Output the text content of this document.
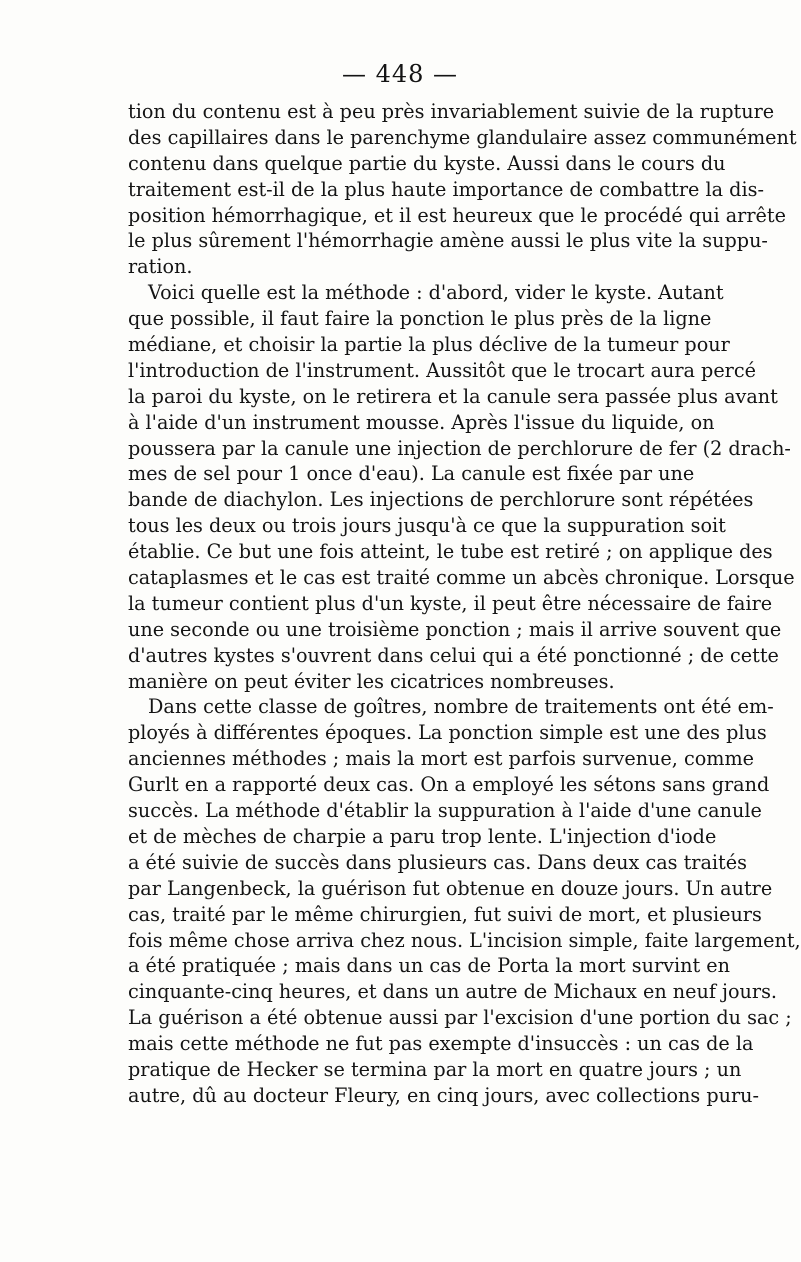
— 448 —
tion du contenu est à peu près invariablement suivie de la rupture
des capillaires dans le parenchyme glandulaire assez communément
contenu dans quelque partie du kyste. Aussi dans le cours du
traitement est-il de la plus haute importance de combattre la dis-
position hémorrhagique, et il est heureux que le procédé qui arrête
le plus sûrement l'hémorrhagie amène aussi le plus vite la suppu-
ration.
Voici quelle est la méthode : d'abord, vider le kyste. Autant
que possible, il faut faire la ponction le plus près de la ligne
médiane, et choisir la partie la plus déclive de la tumeur pour
l'introduction de l'instrument. Aussitôt que le trocart aura percé
la paroi du kyste, on le retirera et la canule sera passée plus avant
à l'aide d'un instrument mousse. Après l'issue du liquide, on
poussera par la canule une injection de perchlorure de fer (2 drach-
mes de sel pour 1 once d'eau). La canule est fixée par une
bande de diachylon. Les injections de perchlorure sont répétées
tous les deux ou trois jours jusqu'à ce que la suppuration soit
établie. Ce but une fois atteint, le tube est retiré ; on applique des
cataplasmes et le cas est traité comme un abcès chronique. Lorsque
la tumeur contient plus d'un kyste, il peut être nécessaire de faire
une seconde ou une troisième ponction ; mais il arrive souvent que
d'autres kystes s'ouvrent dans celui qui a été ponctionné ; de cette
manière on peut éviter les cicatrices nombreuses.
Dans cette classe de goîtres, nombre de traitements ont été em-
ployés à différentes époques. La ponction simple est une des plus
anciennes méthodes ; mais la mort est parfois survenue, comme
Gurlt en a rapporté deux cas. On a employé les sétons sans grand
succès. La méthode d'établir la suppuration à l'aide d'une canule
et de mèches de charpie a paru trop lente. L'injection d'iode
a été suivie de succès dans plusieurs cas. Dans deux cas traités
par Langenbeck, la guérison fut obtenue en douze jours. Un autre
cas, traité par le même chirurgien, fut suivi de mort, et plusieurs
fois même chose arriva chez nous. L'incision simple, faite largement,
a été pratiquée ; mais dans un cas de Porta la mort survint en
cinquante-cinq heures, et dans un autre de Michaux en neuf jours.
La guérison a été obtenue aussi par l'excision d'une portion du sac ;
mais cette méthode ne fut pas exempte d'insuccès : un cas de la
pratique de Hecker se termina par la mort en quatre jours ; un
autre, dû au docteur Fleury, en cinq jours, avec collections puru-
